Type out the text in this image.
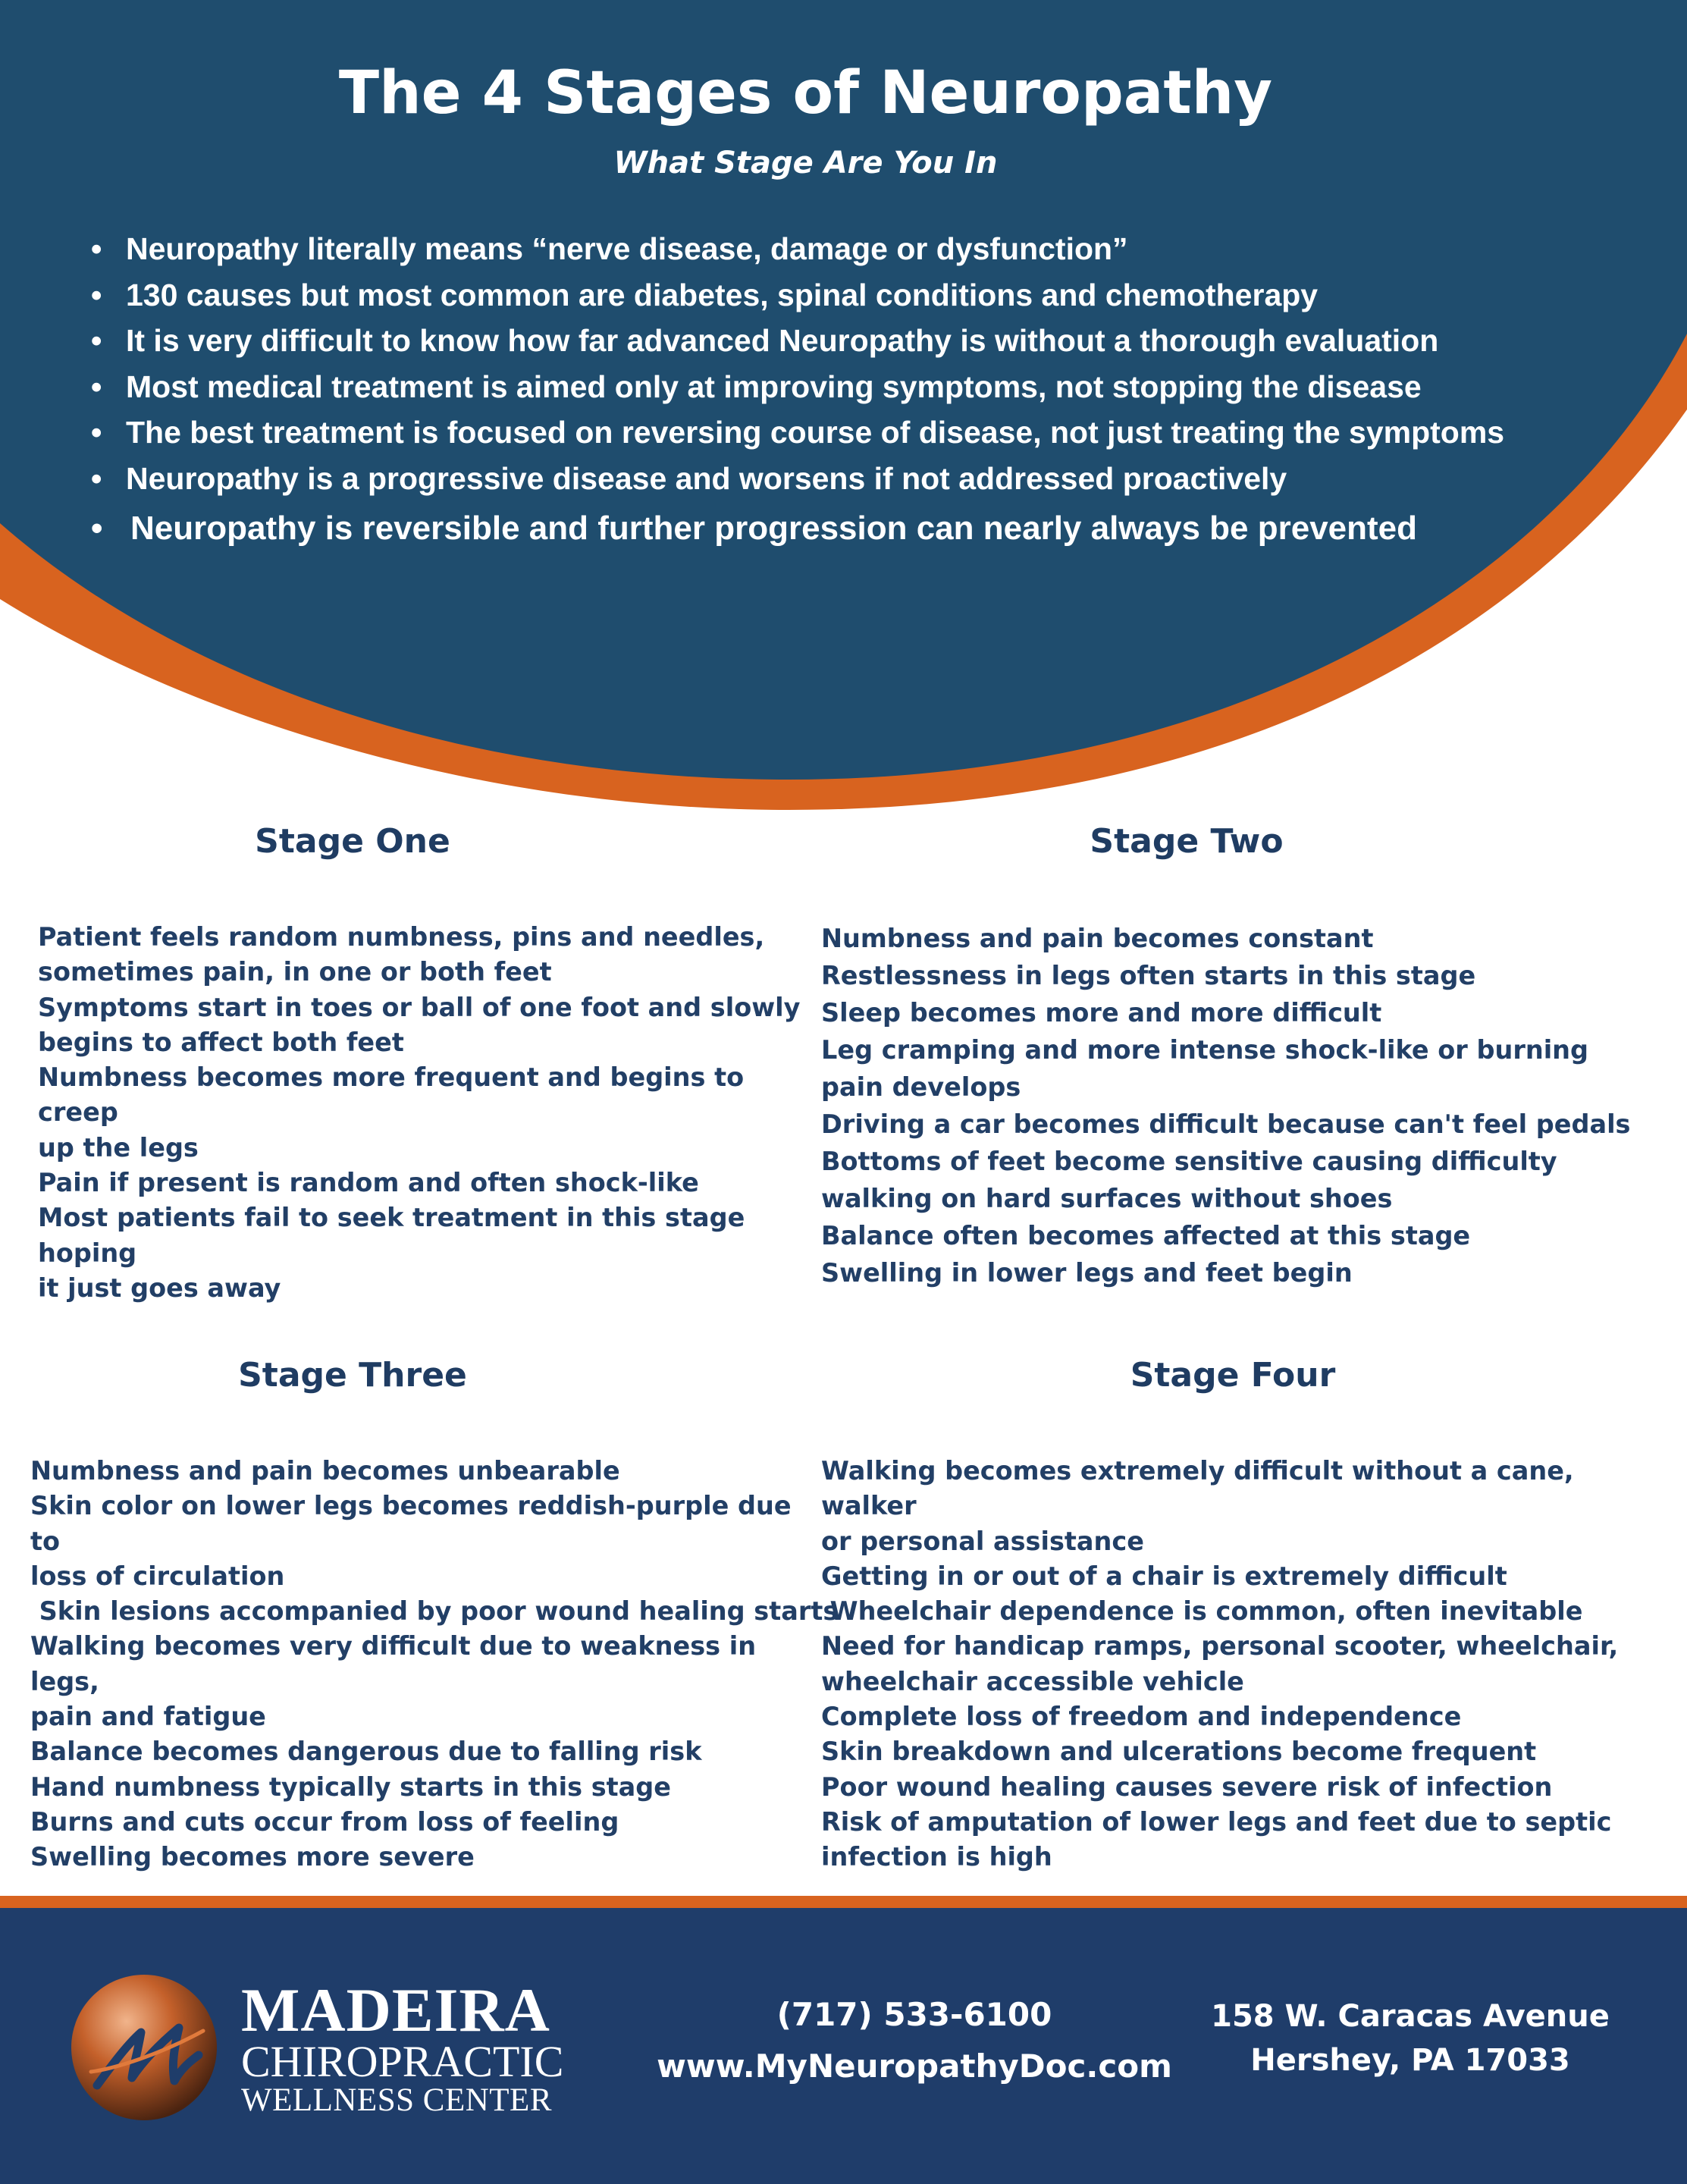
The 4 Stages of Neuropathy
What Stage Are You In
• Neuropathy literally means “nerve disease, damage or dysfunction”
• 130 causes but most common are diabetes, spinal conditions and chemotherapy
• It is very difficult to know how far advanced Neuropathy is without a thorough evaluation
• Most medical treatment is aimed only at improving symptoms, not stopping the disease
• The best treatment is focused on reversing course of disease, not just treating the symptoms
• Neuropathy is a progressive disease and worsens if not addressed proactively
• Neuropathy is reversible and further progression can nearly always be prevented
Stage One
Patient feels random numbness, pins and needles,
sometimes pain, in one or both feet
Symptoms start in toes or ball of one foot and slowly
begins to affect both feet
Numbness becomes more frequent and begins to creep
up the legs
Pain if present is random and often shock-like
Most patients fail to seek treatment in this stage hoping
it just goes away
Stage Two
Numbness and pain becomes constant
Restlessness in legs often starts in this stage
Sleep becomes more and more difficult
Leg cramping and more intense shock-like or burning
pain develops
Driving a car becomes difficult because can't feel pedals
Bottoms of feet become sensitive causing difficulty
walking on hard surfaces without shoes
Balance often becomes affected at this stage
Swelling in lower legs and feet begin
Stage Three
Numbness and pain becomes unbearable
Skin color on lower legs becomes reddish-purple due to
loss of circulation
Skin lesions accompanied by poor wound healing starts
Walking becomes very difficult due to weakness in legs,
pain and fatigue
Balance becomes dangerous due to falling risk
Hand numbness typically starts in this stage
Burns and cuts occur from loss of feeling
Swelling becomes more severe
Stage Four
Walking becomes extremely difficult without a cane, walker
or personal assistance
Getting in or out of a chair is extremely difficult
Wheelchair dependence is common, often inevitable
Need for handicap ramps, personal scooter, wheelchair,
wheelchair accessible vehicle
Complete loss of freedom and independence
Skin breakdown and ulcerations become frequent
Poor wound healing causes severe risk of infection
Risk of amputation of lower legs and feet due to septic
infection is high
MADEIRA
CHIROPRACTIC
WELLNESS CENTER
(717) 533-6100
www.MyNeuropathyDoc.com
158 W. Caracas Avenue
Hershey, PA 17033
